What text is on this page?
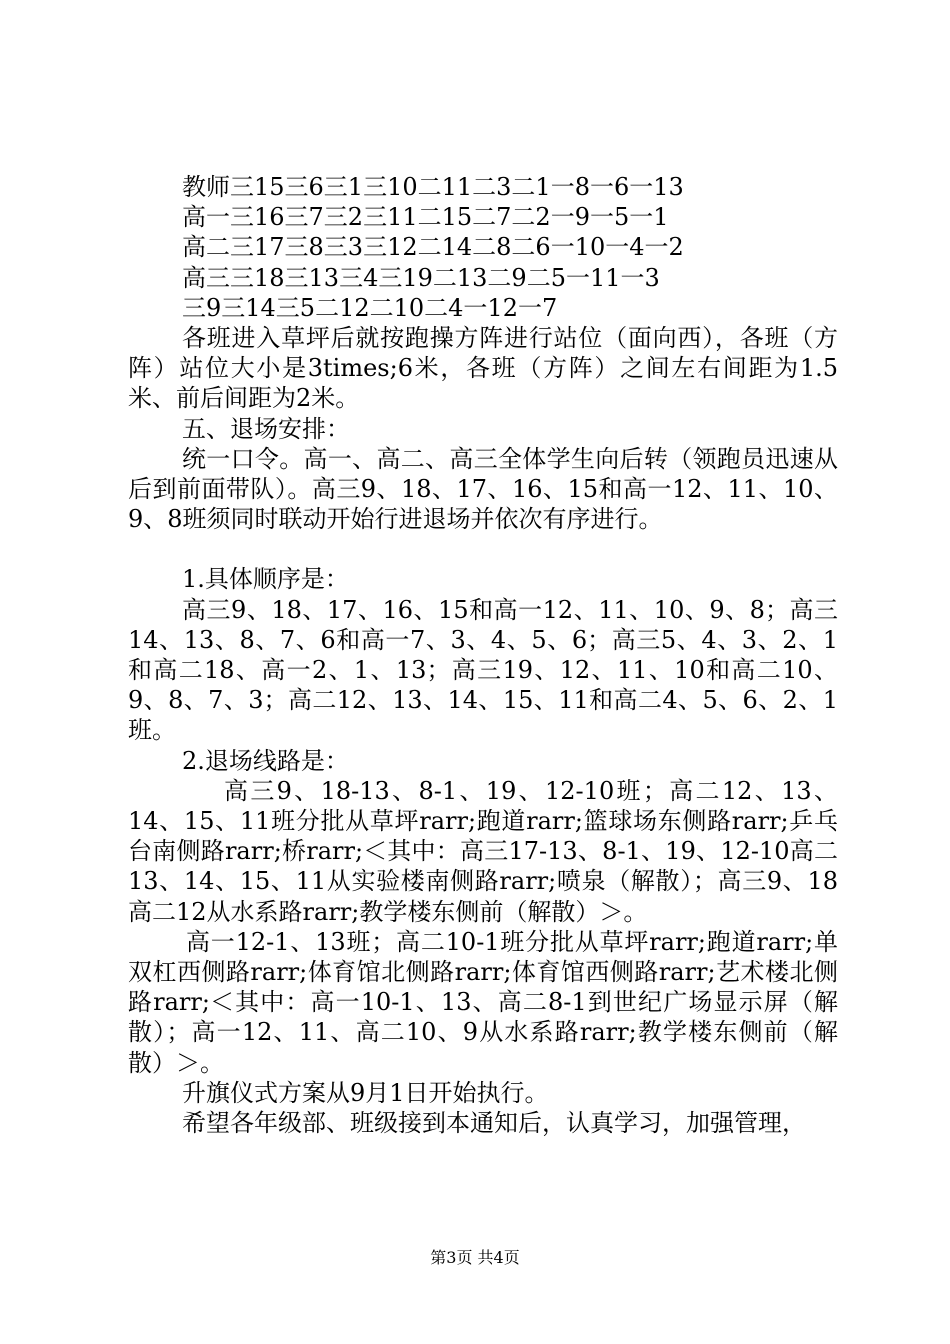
教师三15三6三1三10二11二3二1一8一6一13

高一三16三7三2三11二15二7二2一9一5一1

高二三17三8三3三12二14二8二6一10一4一2

高三三18三13三4三19二13二9二5一11一3

三9三14三5二12二10二4一12一7

各班进入草坪后就按跑操方阵进行站位（面向西），各班（方阵）站位大小是3times;6米，各班（方阵）之间左右间距为1.5米、前后间距为2米。

五、退场安排：

统一口令。高一、高二、高三全体学生向后转（领跑员迅速从后到前面带队）。高三9、18、17、16、15和高一12、11、10、9、8班须同时联动开始行进退场并依次有序进行。

1.具体顺序是：

高三9、18、17、16、15和高一12、11、10、9、8；高三14、13、8、7、6和高一7、3、4、5、6；高三5、4、3、2、1和高二18、高一2、1、13；高三19、12、11、10和高二10、9、8、7、3；高二12、13、14、15、11和高二4、5、6、2、1班。

2.退场线路是：

高三9、18-13、8-1、19、12-10班；高二12、13、14、15、11班分批从草坪rarr;跑道rarr;篮球场东侧路rarr;乒乓台南侧路rarr;桥rarr;＜其中：高三17-13、8-1、19、12-10高二13、14、15、11从实验楼南侧路rarr;喷泉（解散）；高三9、18高二12从水系路rarr;教学楼东侧前（解散）＞。

高一12-1、13班；高二10-1班分批从草坪rarr;跑道rarr;单双杠西侧路rarr;体育馆北侧路rarr;体育馆西侧路rarr;艺术楼北侧路rarr;＜其中：高一10-1、13、高二8-1到世纪广场显示屏（解散）；高一12、11、高二10、9从水系路rarr;教学楼东侧前（解散）＞。

升旗仪式方案从9月1日开始执行。

希望各年级部、班级接到本通知后，认真学习，加强管理，

第3页 共4页
